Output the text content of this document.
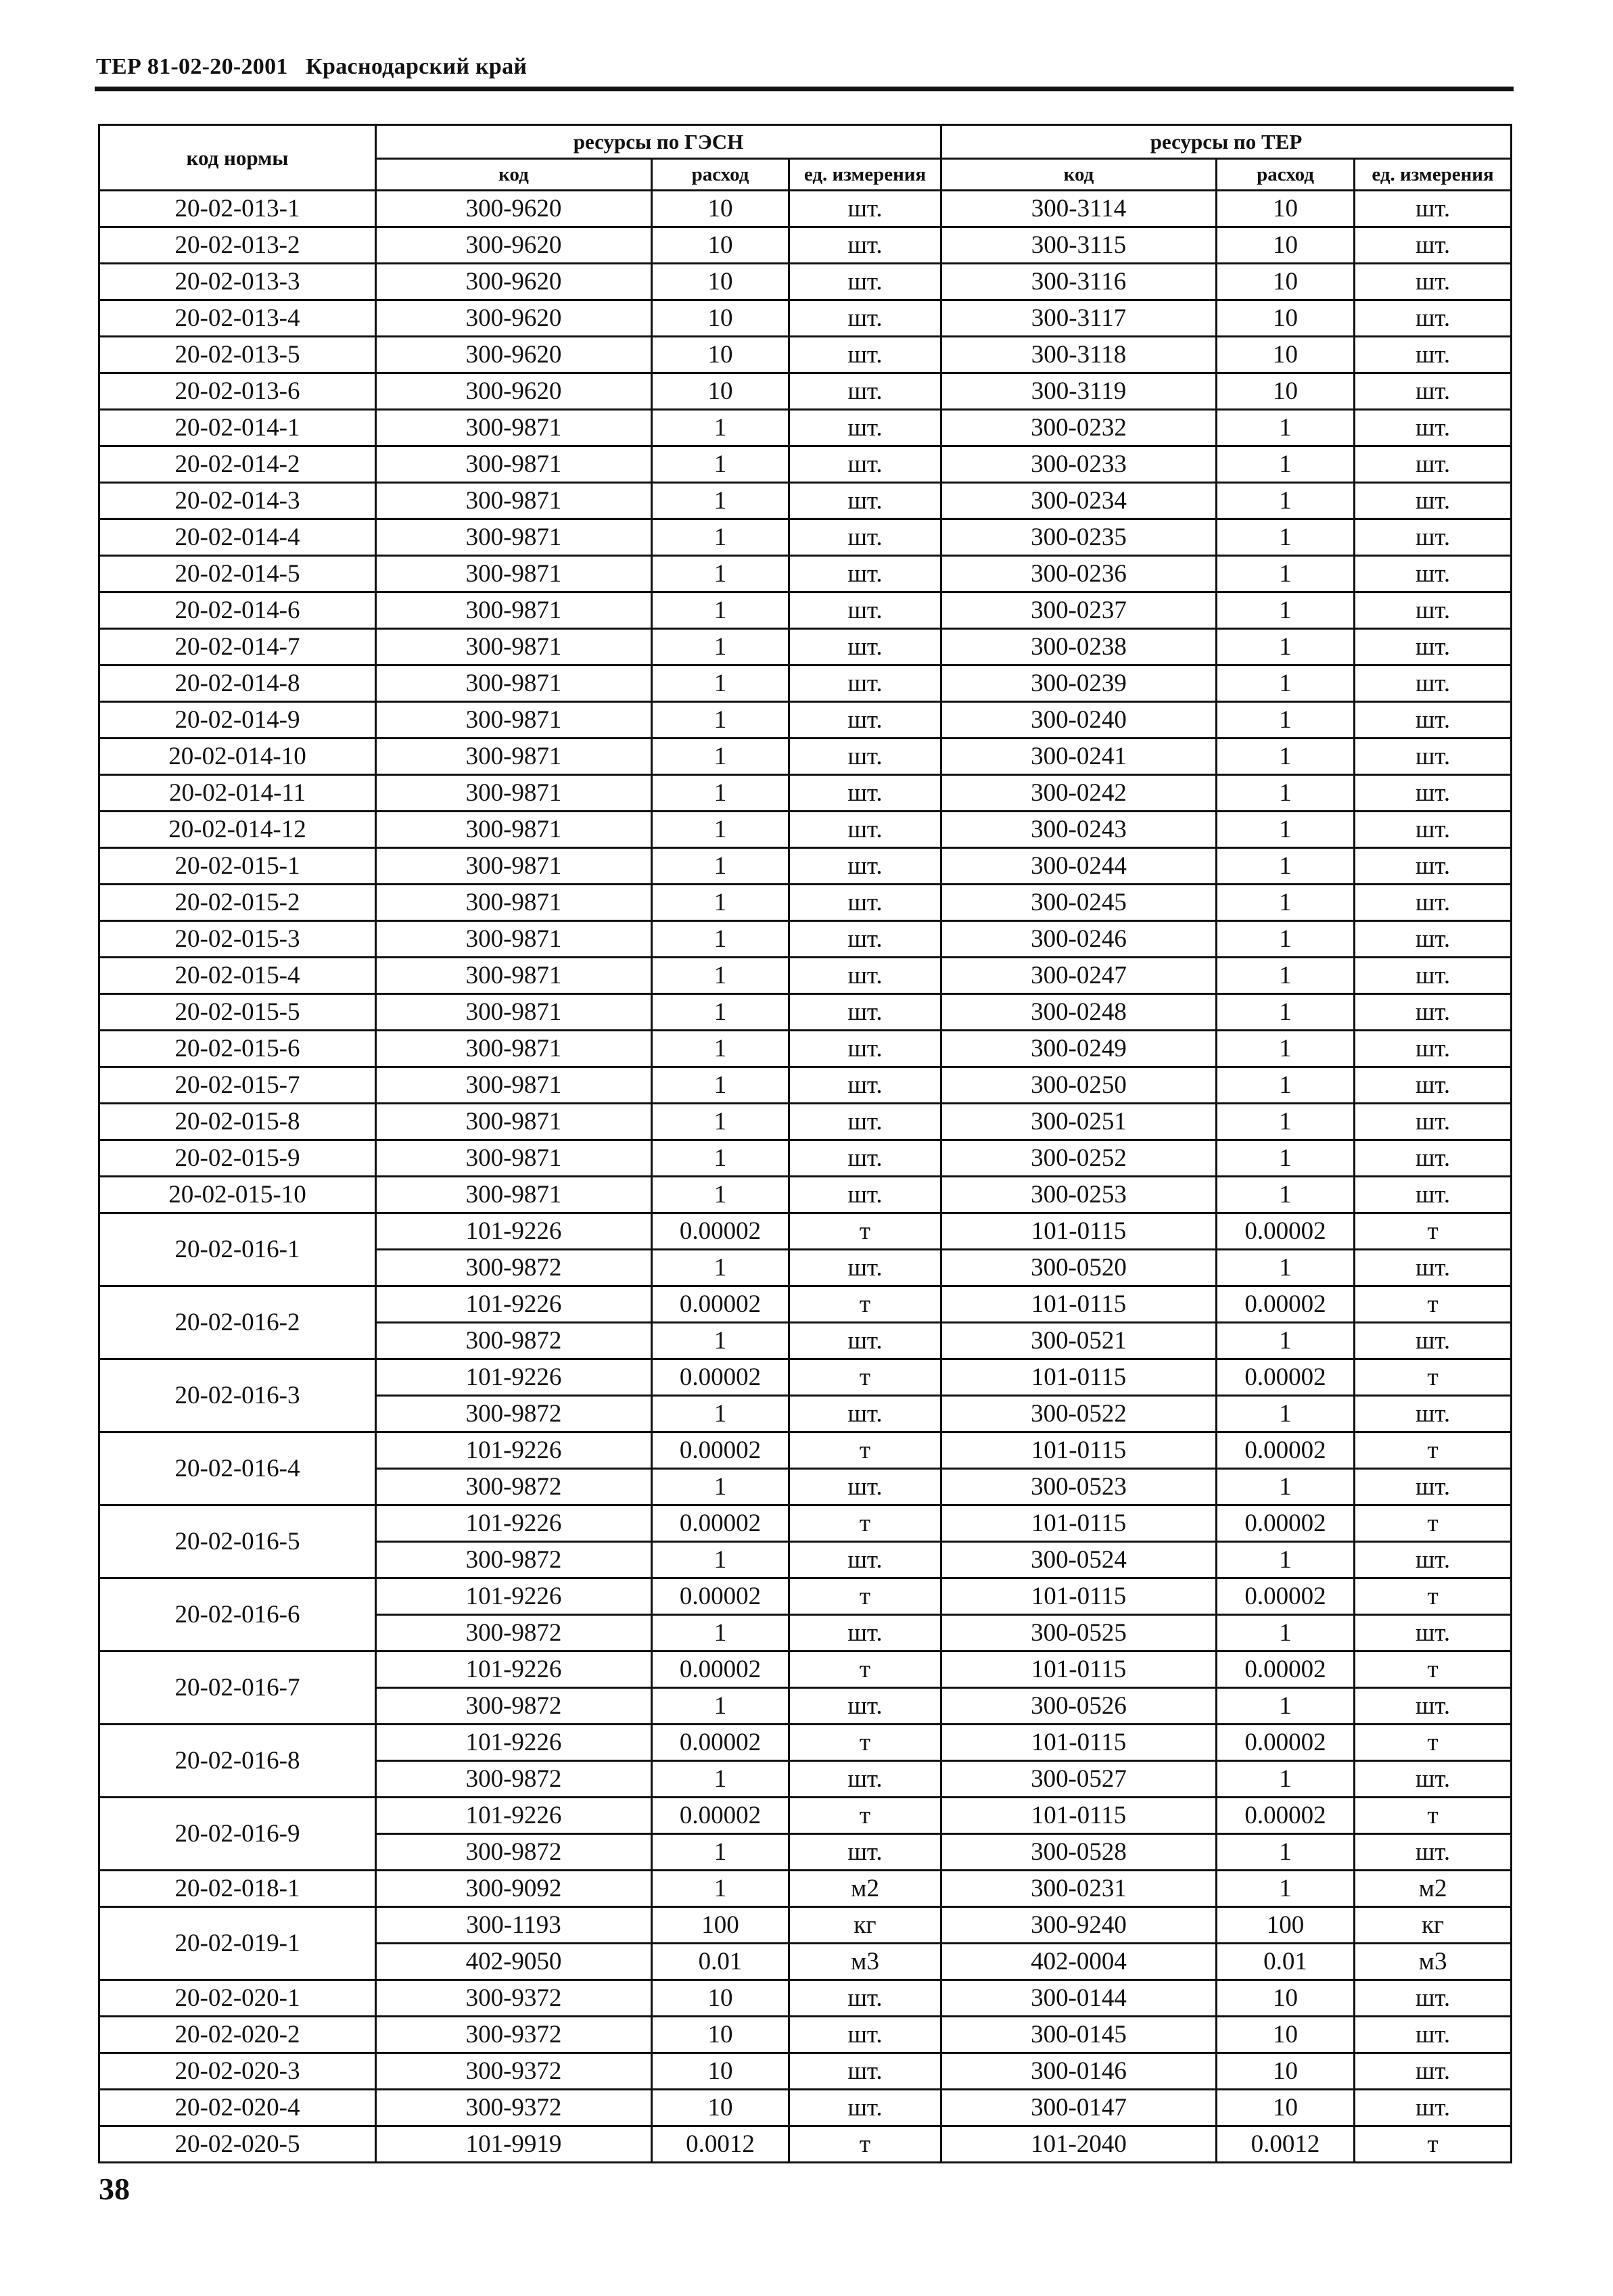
ТЕР 81-02-20-2001   Краснодарский край
код нормы	ресурсы по ГЭСН			ресурсы по ТЕР		
	код	расход	ед. измерения	код	расход	ед. измерения
20-02-013-1	300-9620	10	шт.	300-3114	10	шт.
20-02-013-2	300-9620	10	шт.	300-3115	10	шт.
20-02-013-3	300-9620	10	шт.	300-3116	10	шт.
20-02-013-4	300-9620	10	шт.	300-3117	10	шт.
20-02-013-5	300-9620	10	шт.	300-3118	10	шт.
20-02-013-6	300-9620	10	шт.	300-3119	10	шт.
20-02-014-1	300-9871	1	шт.	300-0232	1	шт.
20-02-014-2	300-9871	1	шт.	300-0233	1	шт.
20-02-014-3	300-9871	1	шт.	300-0234	1	шт.
20-02-014-4	300-9871	1	шт.	300-0235	1	шт.
20-02-014-5	300-9871	1	шт.	300-0236	1	шт.
20-02-014-6	300-9871	1	шт.	300-0237	1	шт.
20-02-014-7	300-9871	1	шт.	300-0238	1	шт.
20-02-014-8	300-9871	1	шт.	300-0239	1	шт.
20-02-014-9	300-9871	1	шт.	300-0240	1	шт.
20-02-014-10	300-9871	1	шт.	300-0241	1	шт.
20-02-014-11	300-9871	1	шт.	300-0242	1	шт.
20-02-014-12	300-9871	1	шт.	300-0243	1	шт.
20-02-015-1	300-9871	1	шт.	300-0244	1	шт.
20-02-015-2	300-9871	1	шт.	300-0245	1	шт.
20-02-015-3	300-9871	1	шт.	300-0246	1	шт.
20-02-015-4	300-9871	1	шт.	300-0247	1	шт.
20-02-015-5	300-9871	1	шт.	300-0248	1	шт.
20-02-015-6	300-9871	1	шт.	300-0249	1	шт.
20-02-015-7	300-9871	1	шт.	300-0250	1	шт.
20-02-015-8	300-9871	1	шт.	300-0251	1	шт.
20-02-015-9	300-9871	1	шт.	300-0252	1	шт.
20-02-015-10	300-9871	1	шт.	300-0253	1	шт.
20-02-016-1	101-9226	0.00002	т	101-0115	0.00002	т
	300-9872	1	шт.	300-0520	1	шт.
20-02-016-2	101-9226	0.00002	т	101-0115	0.00002	т
	300-9872	1	шт.	300-0521	1	шт.
20-02-016-3	101-9226	0.00002	т	101-0115	0.00002	т
	300-9872	1	шт.	300-0522	1	шт.
20-02-016-4	101-9226	0.00002	т	101-0115	0.00002	т
	300-9872	1	шт.	300-0523	1	шт.
20-02-016-5	101-9226	0.00002	т	101-0115	0.00002	т
	300-9872	1	шт.	300-0524	1	шт.
20-02-016-6	101-9226	0.00002	т	101-0115	0.00002	т
	300-9872	1	шт.	300-0525	1	шт.
20-02-016-7	101-9226	0.00002	т	101-0115	0.00002	т
	300-9872	1	шт.	300-0526	1	шт.
20-02-016-8	101-9226	0.00002	т	101-0115	0.00002	т
	300-9872	1	шт.	300-0527	1	шт.
20-02-016-9	101-9226	0.00002	т	101-0115	0.00002	т
	300-9872	1	шт.	300-0528	1	шт.
20-02-018-1	300-9092	1	м2	300-0231	1	м2
20-02-019-1	300-1193	100	кг	300-9240	100	кг
	402-9050	0.01	м3	402-0004	0.01	м3
20-02-020-1	300-9372	10	шт.	300-0144	10	шт.
20-02-020-2	300-9372	10	шт.	300-0145	10	шт.
20-02-020-3	300-9372	10	шт.	300-0146	10	шт.
20-02-020-4	300-9372	10	шт.	300-0147	10	шт.
20-02-020-5	101-9919	0.0012	т	101-2040	0.0012	т
38
